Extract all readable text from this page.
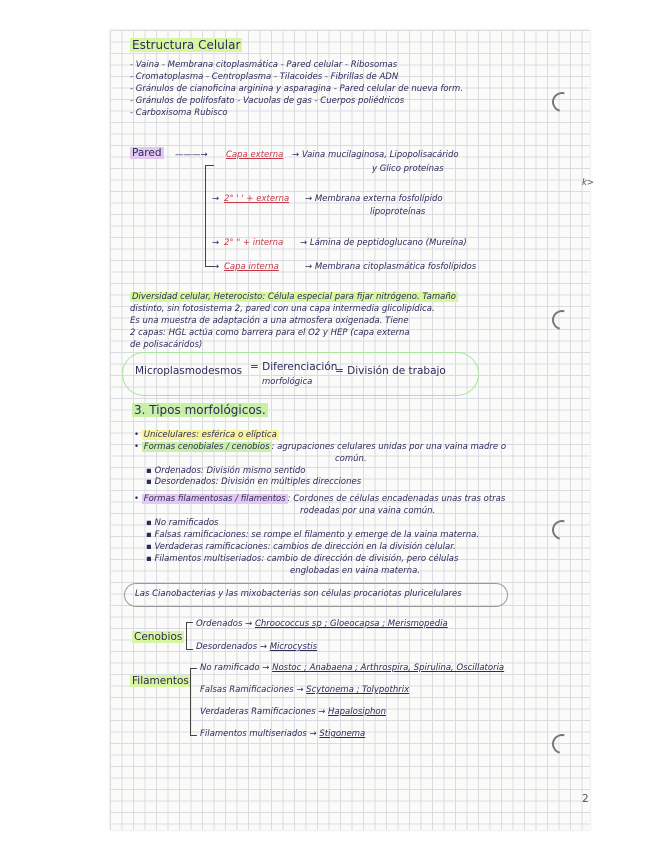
Estructura Celular
- Vaina - Membrana citoplasmática - Pared celular - Ribosomas
- Cromatoplasma - Centroplasma - Tilacoides - Fibrillas de ADN
- Gránulos de cianoficina arginina y asparagina - Pared celular de nueva form.
- Gránulos de polifosfato - Vacuolas de gas - Cuerpos poliédricos
- Carboxisoma Rubisco
Pared ———→ Capa externa → Vaina mucilaginosa, Lipopolisacárido
y Glico proteínas
→ 2° ' ' + externa → Membrana externa fosfolípido
lipoproteínas
→ 2° " + interna → Lámina de peptidoglucano (Mureína)
→ Capa interna	→ Membrana citoplasmática fosfolípidos
Diversidad celular, Heterocisto: Célula especial para fijar nitrógeno. Tamaño
distinto, sin fotosistema 2, pared con una capa intermedia glicolipídica.
Es una muestra de adaptación a una atmosfera oxigenada. Tiene
2 capas: HGL actúa como barrera para el O2 y HEP (capa externa
de polisacáridos)
Microplasmodesmos = Diferenciación
morfológica
= División de trabajo
3. Tipos morfológicos.
• Unicelulares: esférica o elíptica
• Formas cenobiales / cenobios : agrupaciones celulares unidas por una vaina madre o
común.
▪ Ordenados: División mismo sentido
▪ Desordenados: División en múltiples direcciones
• Formas filamentosas / filamentos : Cordones de células encadenadas unas tras otras
rodeadas por una vaina común.
▪ No ramificados
▪ Falsas ramificaciones: se rompe el filamento y emerge de la vaina materna.
▪ Verdaderas ramificaciones: cambios de dirección en la división celular.
▪ Filamentos multiseriados: cambio de dirección de división, pero células
englobadas en vaina materna.
Las Cianobacterias y las mixobacterias son células procariotas pluricelulares
Cenobios
Ordenados → Chroococcus sp ; Gloeocapsa ; Merismopedia
Desordenados → Microcystis
Filamentos
No ramificado → Nostoc ; Anabaena ; Arthrospira, Spirulina, Oscillatoria
Falsas Ramificaciones → Scytonema ; Tolypothrix
Verdaderas Ramificaciones → Hapalosiphon
Filamentos multiseriados → Stigonema
k>
2
